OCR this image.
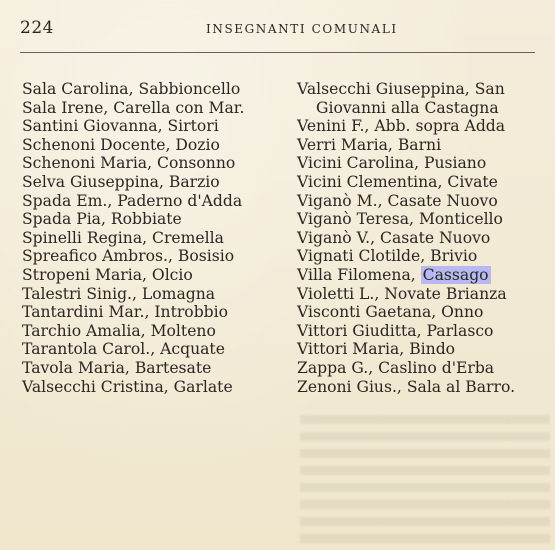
224	INSEGNANTI COMUNALI
Sala Carolina, Sabbioncello
Sala Irene, Carella con Mar.
Santini Giovanna, Sirtori
Schenoni Docente, Dozio
Schenoni Maria, Consonno
Selva Giuseppina, Barzio
Spada Em., Paderno d'Adda
Spada Pia, Robbiate
Spinelli Regina, Cremella
Spreafico Ambros., Bosisio
Stropeni Maria, Olcio
Talestri Sinig., Lomagna
Tantardini Mar., Introbbio
Tarchio Amalia, Molteno
Tarantola Carol., Acquate
Tavola Maria, Bartesate
Valsecchi Cristina, Garlate
Valsecchi Giuseppina, San
Giovanni alla Castagna
Venini F., Abb. sopra Adda
Verri Maria, Barni
Vicini Carolina, Pusiano
Vicini Clementina, Civate
Viganò M., Casate Nuovo
Viganò Teresa, Monticello
Viganò V., Casate Nuovo
Vignati Clotilde, Brivio
Villa Filomena, Cassago
Violetti L., Novate Brianza
Visconti Gaetana, Onno
Vittori Giuditta, Parlasco
Vittori Maria, Bindo
Zappa G., Caslino d'Erba
Zenoni Gius., Sala al Barro.
